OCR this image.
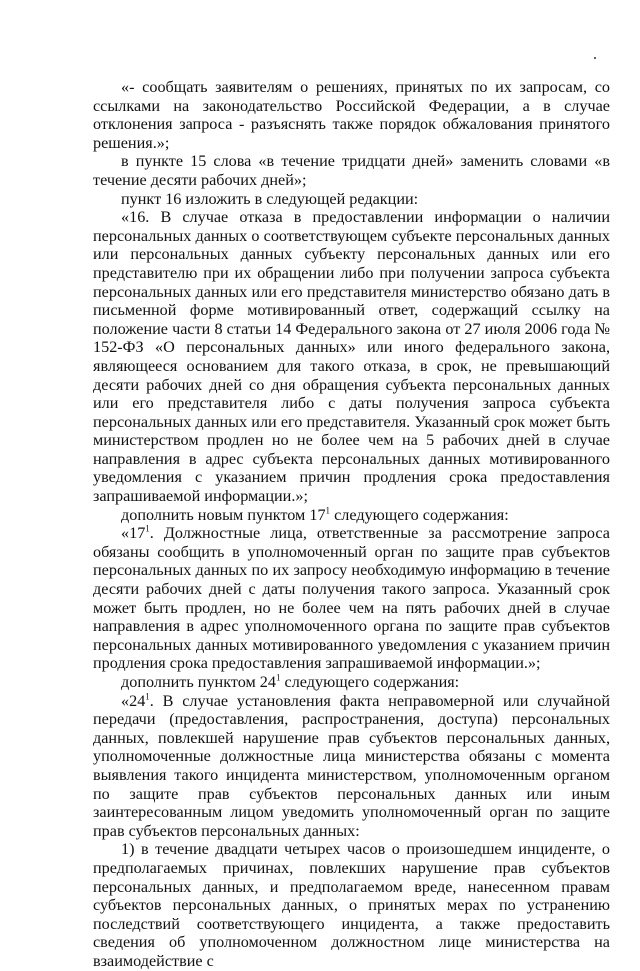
«- сообщать заявителям о решениях, принятых по их запросам, со ссылками на законодательство Российской Федерации, а в случае отклонения запроса - разъяснять также порядок обжалования принятого решения.»;

в пункте 15 слова «в течение тридцати дней» заменить словами «в течение десяти рабочих дней»;

пункт 16 изложить в следующей редакции:

«16. В случае отказа в предоставлении информации о наличии персональных данных о соответствующем субъекте персональных данных или персональных данных субъекту персональных данных или его представителю при их обращении либо при получении запроса субъекта персональных данных или его представителя министерство обязано дать в письменной форме мотивированный ответ, содержащий ссылку на положение части 8 статьи 14 Федерального закона от 27 июля 2006 года № 152-ФЗ «О персональных данных» или иного федерального закона, являющееся основанием для такого отказа, в срок, не превышающий десяти рабочих дней со дня обращения субъекта персональных данных или его представителя либо с даты получения запроса субъекта персональных данных или его представителя. Указанный срок может быть министерством продлен но не более чем на 5 рабочих дней в случае направления в адрес субъекта персональных данных мотивированного уведомления с указанием причин продления срока предоставления запрашиваемой информации.»;

дополнить новым пунктом $17^1$ следующего содержания:

«$17^1$. Должностные лица, ответственные за рассмотрение запроса обязаны сообщить в уполномоченный орган по защите прав субъектов персональных данных по их запросу необходимую информацию в течение десяти рабочих дней с даты получения такого запроса. Указанный срок может быть продлен, но не более чем на пять рабочих дней в случае направления в адрес уполномоченного органа по защите прав субъектов персональных данных мотивированного уведомления с указанием причин продления срока предоставления запрашиваемой информации.»;

дополнить пунктом $24^1$ следующего содержания:

«$24^1$. В случае установления факта неправомерной или случайной передачи (предоставления, распространения, доступа) персональных данных, повлекшей нарушение прав субъектов персональных данных, уполномоченные должностные лица министерства обязаны с момента выявления такого инцидента министерством, уполномоченным органом по защите прав субъектов персональных данных или иным заинтересованным лицом уведомить уполномоченный орган по защите прав субъектов персональных данных:

1) в течение двадцати четырех часов о произошедшем инциденте, о предполагаемых причинах, повлекших нарушение прав субъектов персональных данных, и предполагаемом вреде, нанесенном правам субъектов персональных данных, о принятых мерах по устранению последствий соответствующего инцидента, а также предоставить сведения об уполномоченном должностном лице министерства на взаимодействие с
